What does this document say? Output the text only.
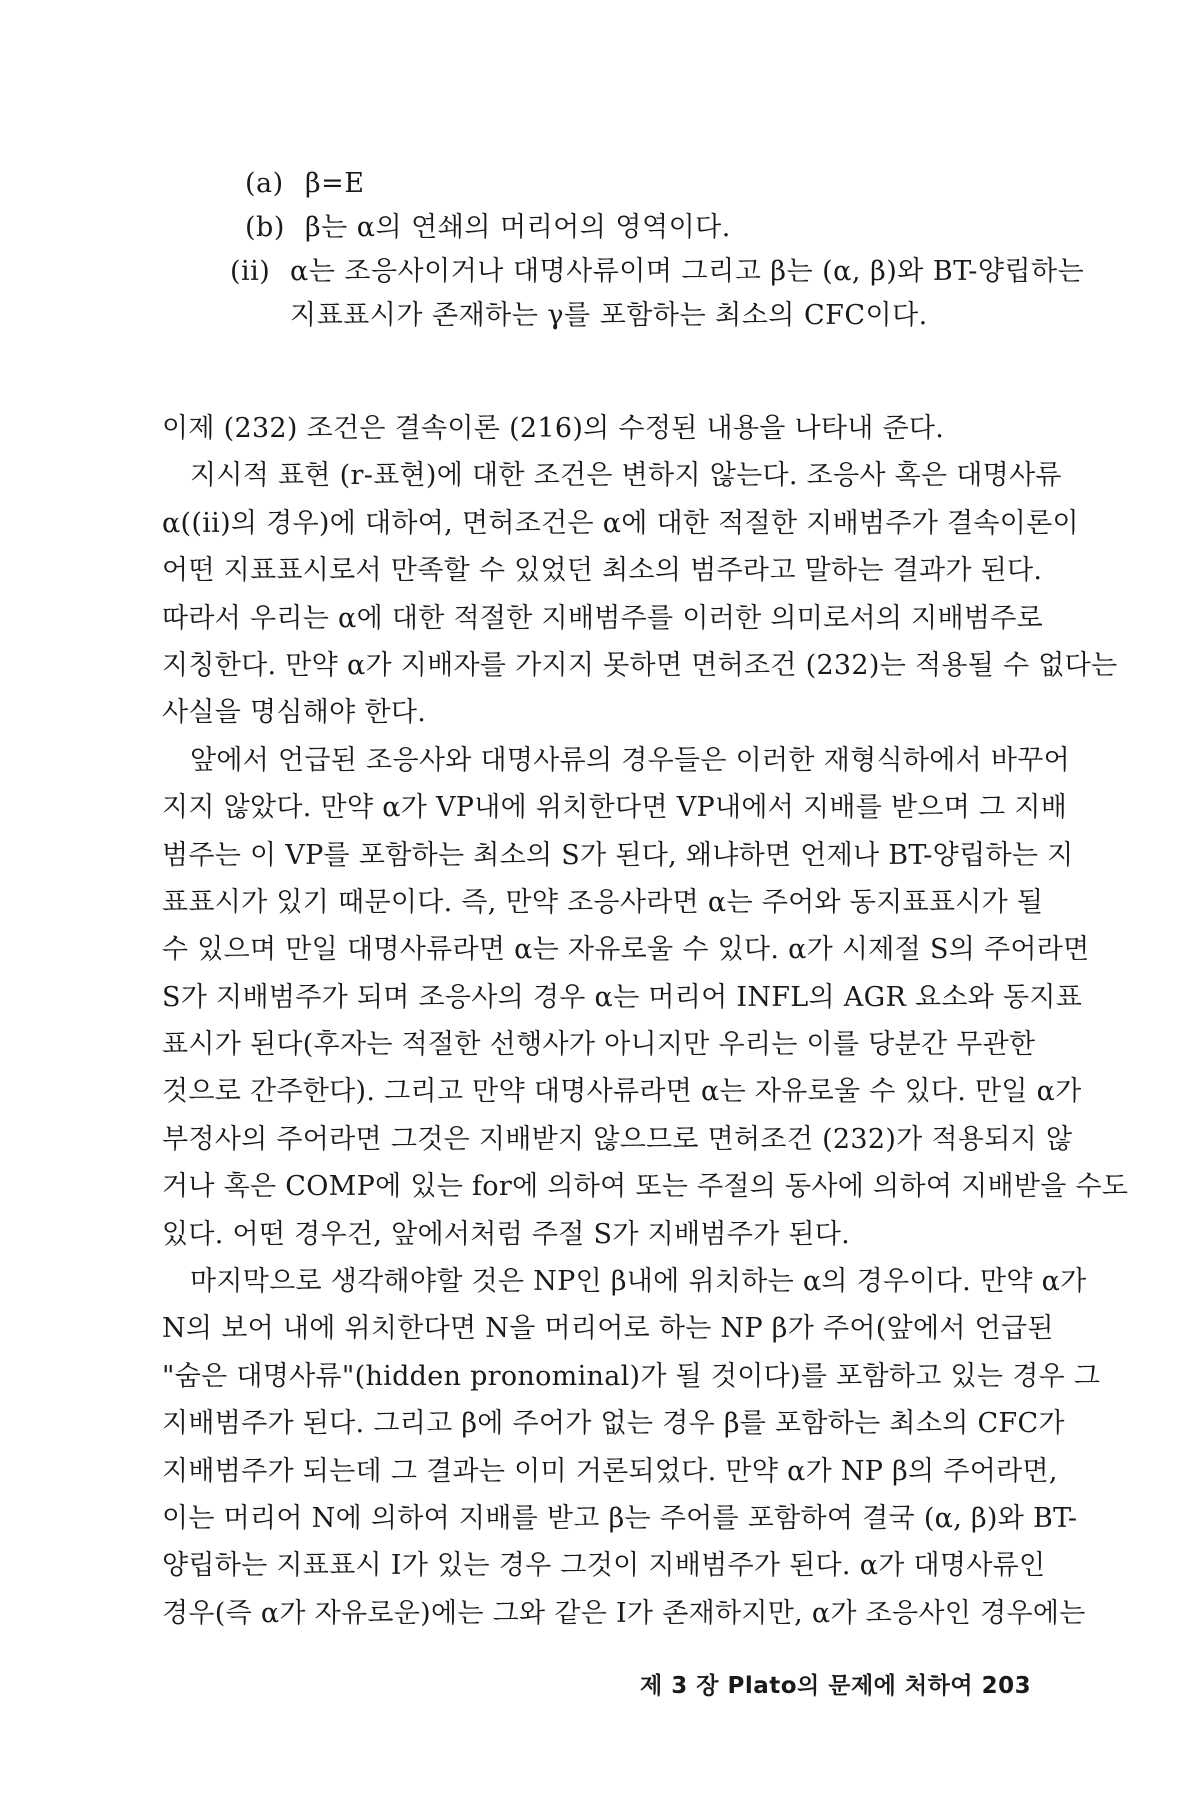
(a) β=E
(b) β는 α의 연쇄의 머리어의 영역이다.
(ii) α는 조응사이거나 대명사류이며 그리고 β는 (α, β)와 BT-양립하는
지표표시가 존재하는 γ를 포함하는 최소의 CFC이다.
이제 (232) 조건은 결속이론 (216)의 수정된 내용을 나타내 준다.
지시적 표현 (r-표현)에 대한 조건은 변하지 않는다. 조응사 혹은 대명사류
α((ii)의 경우)에 대하여, 면허조건은 α에 대한 적절한 지배범주가 결속이론이
어떤 지표표시로서 만족할 수 있었던 최소의 범주라고 말하는 결과가 된다.
따라서 우리는 α에 대한 적절한 지배범주를 이러한 의미로서의 지배범주로
지칭한다. 만약 α가 지배자를 가지지 못하면 면허조건 (232)는 적용될 수 없다는
사실을 명심해야 한다.
앞에서 언급된 조응사와 대명사류의 경우들은 이러한 재형식하에서 바꾸어
지지 않았다. 만약 α가 VP내에 위치한다면 VP내에서 지배를 받으며 그 지배
범주는 이 VP를 포함하는 최소의 S가 된다, 왜냐하면 언제나 BT-양립하는 지
표표시가 있기 때문이다. 즉, 만약 조응사라면 α는 주어와 동지표표시가 될
수 있으며 만일 대명사류라면 α는 자유로울 수 있다. α가 시제절 S의 주어라면
S가 지배범주가 되며 조응사의 경우 α는 머리어 INFL의 AGR 요소와 동지표
표시가 된다(후자는 적절한 선행사가 아니지만 우리는 이를 당분간 무관한
것으로 간주한다). 그리고 만약 대명사류라면 α는 자유로울 수 있다. 만일 α가
부정사의 주어라면 그것은 지배받지 않으므로 면허조건 (232)가 적용되지 않
거나 혹은 COMP에 있는 for에 의하여 또는 주절의 동사에 의하여 지배받을 수도
있다. 어떤 경우건, 앞에서처럼 주절 S가 지배범주가 된다.
마지막으로 생각해야할 것은 NP인 β내에 위치하는 α의 경우이다. 만약 α가
N의 보어 내에 위치한다면 N을 머리어로 하는 NP β가 주어(앞에서 언급된
"숨은 대명사류"(hidden pronominal)가 될 것이다)를 포함하고 있는 경우 그
지배범주가 된다. 그리고 β에 주어가 없는 경우 β를 포함하는 최소의 CFC가
지배범주가 되는데 그 결과는 이미 거론되었다. 만약 α가 NP β의 주어라면,
이는 머리어 N에 의하여 지배를 받고 β는 주어를 포함하여 결국 (α, β)와 BT-
양립하는 지표표시 I가 있는 경우 그것이 지배범주가 된다. α가 대명사류인
경우(즉 α가 자유로운)에는 그와 같은 I가 존재하지만, α가 조응사인 경우에는
제 3 장 Plato의 문제에 처하여 203
